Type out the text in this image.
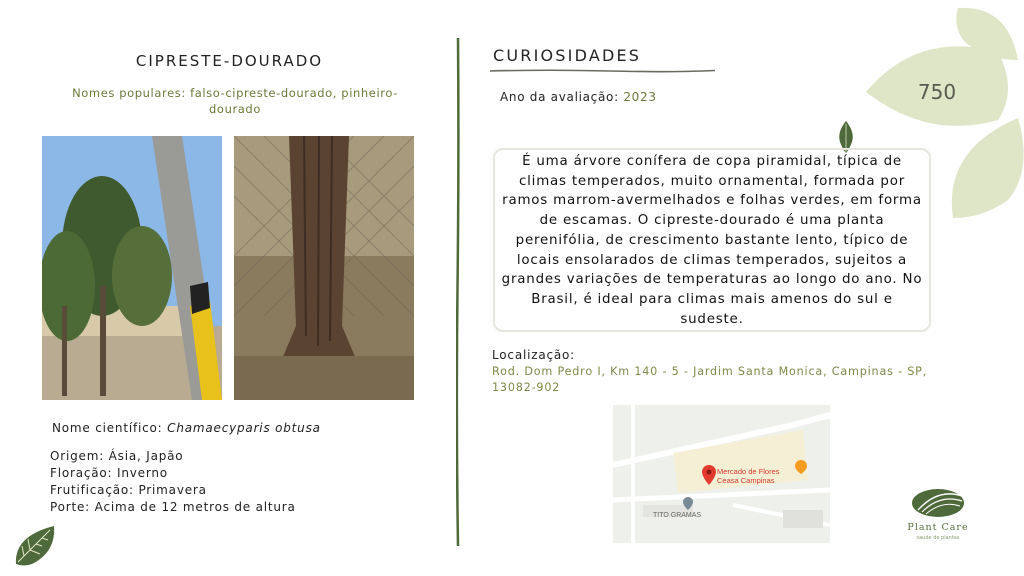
CIPRESTE-DOURADO
Nomes populares: falso-cipreste-dourado, pinheiro-dourado
Nome científico: Chamaecyparis obtusa
Origem: Ásia, Japão
Floração: Inverno
Frutificação: Primavera
Porte: Acima de 12 metros de altura
CURIOSIDADES
Ano da avaliação: 2023	750
É uma árvore conífera de copa piramidal, típica de climas temperados, muito ornamental, formada por ramos marrom-avermelhados e folhas verdes, em forma de escamas. O cipreste-dourado é uma planta perenifólia, de crescimento bastante lento, típico de locais ensolarados de climas temperados, sujeitos a grandes variações de temperaturas ao longo do ano. No Brasil, é ideal para climas mais amenos do sul e sudeste.
Localização:
Rod. Dom Pedro I, Km 140 - 5 - Jardim Santa Monica, Campinas - SP, 13082-902
Mercado de Flores
Ceasa Campinas
TITO GRAMAS
Plant Care
saúde de plantas
